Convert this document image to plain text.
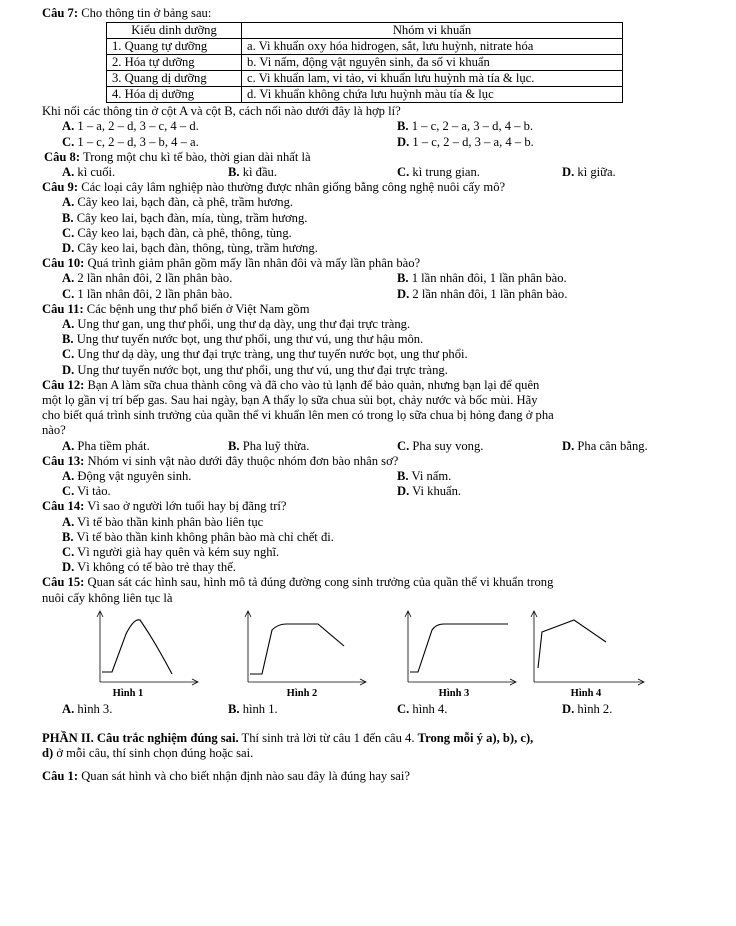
Câu 7: Cho thông tin ở bảng sau:
Kiểu dinh dưỡng	Nhóm vi khuẩn
1. Quang tự dưỡng	a. Vi khuẩn oxy hóa hidrogen, sắt, lưu huỳnh, nitrate hóa
2. Hóa tự dưỡng	b. Vi nấm, động vật nguyên sinh, đa số vi khuẩn
3. Quang dị dưỡng	c. Vi khuẩn lam, vi tảo, vi khuẩn lưu huỳnh mà tía & lục.
4. Hóa dị dưỡng	d. Vi khuẩn không chứa lưu huỳnh màu tía & lục
Khi nối các thông tin ở cột A và cột B, cách nối nào dưới đây là hợp lí?
A. 1 – a, 2 – d, 3 – c, 4 – d.	B. 1 – c, 2 – a, 3 – d, 4 – b.
C. 1 – c, 2 – d, 3 – b, 4 – a.	D. 1 – c, 2 – d, 3 – a, 4 – b.
Câu 8: Trong một chu kì tế bào, thời gian dài nhất là
A. kì cuối.	B. kì đầu.	C. kì trung gian.	D. kì giữa.
Câu 9: Các loại cây lâm nghiệp nào thường được nhân giống bằng công nghệ nuôi cấy mô?
A. Cây keo lai, bạch đàn, cà phê, trầm hương.
B. Cây keo lai, bạch đàn, mía, tùng, trầm hương.
C. Cây keo lai, bạch đàn, cà phê, thông, tùng.
D. Cây keo lai, bạch đàn, thông, tùng, trầm hương.
Câu 10: Quá trình giảm phân gồm mấy lần nhân đôi và mấy lần phân bào?
A. 2 lần nhân đôi, 2 lần phân bào.	B. 1 lần nhân đôi, 1 lần phân bào.
C. 1 lần nhân đôi, 2 lần phân bào.	D. 2 lần nhân đôi, 1 lần phân bào.
Câu 11: Các bệnh ung thư phổ biến ở Việt Nam gồm
A. Ung thư gan, ung thư phổi, ung thư dạ dày, ung thư đại trực tràng.
B. Ung thư tuyến nước bọt, ung thư phổi, ung thư vú, ung thư hậu môn.
C. Ung thư dạ dày, ung thư đại trực tràng, ung thư tuyến nước bọt, ung thư phổi.
D. Ung thư tuyến nước bọt, ung thư phổi, ung thư vú, ung thư đại trực tràng.
Câu 12: Bạn A làm sữa chua thành công và đã cho vào tủ lạnh để bảo quản, nhưng bạn lại để quên
một lọ gần vị trí bếp gas. Sau hai ngày, bạn A thấy lọ sữa chua sủi bọt, chảy nước và bốc mùi. Hãy
cho biết quá trình sinh trưởng của quần thể vi khuẩn lên men có trong lọ sữa chua bị hỏng đang ở pha
nào?
A. Pha tiềm phát.	B. Pha luỹ thừa.	C. Pha suy vong.	D. Pha cân bằng.
Câu 13: Nhóm vi sinh vật nào dưới đây thuộc nhóm đơn bào nhân sơ?
A. Động vật nguyên sinh.	B. Vi nấm.
C. Vi tảo.	D. Vi khuẩn.
Câu 14: Vì sao ở người lớn tuổi hay bị đãng trí?
A. Vì tế bào thần kinh phân bào liên tục
B. Vì tế bào thần kinh không phân bào mà chỉ chết đi.
C. Vì người già hay quên và kém suy nghĩ.
D. Vì không có tế bào trẻ thay thế.
Câu 15: Quan sát các hình sau, hình mô tả đúng đường cong sinh trưởng của quần thể vi khuẩn trong
nuôi cấy không liên tục là
Hình 1	Hình 2	Hình 3	Hình 4
A. hình 3.	B. hình 1.	C. hình 4.	D. hình 2.
PHẦN II. Câu trắc nghiệm đúng sai. Thí sinh trả lời từ câu 1 đến câu 4. Trong mỗi ý a), b), c),
d) ở mỗi câu, thí sinh chọn đúng hoặc sai.
Câu 1: Quan sát hình và cho biết nhận định nào sau đây là đúng hay sai?
